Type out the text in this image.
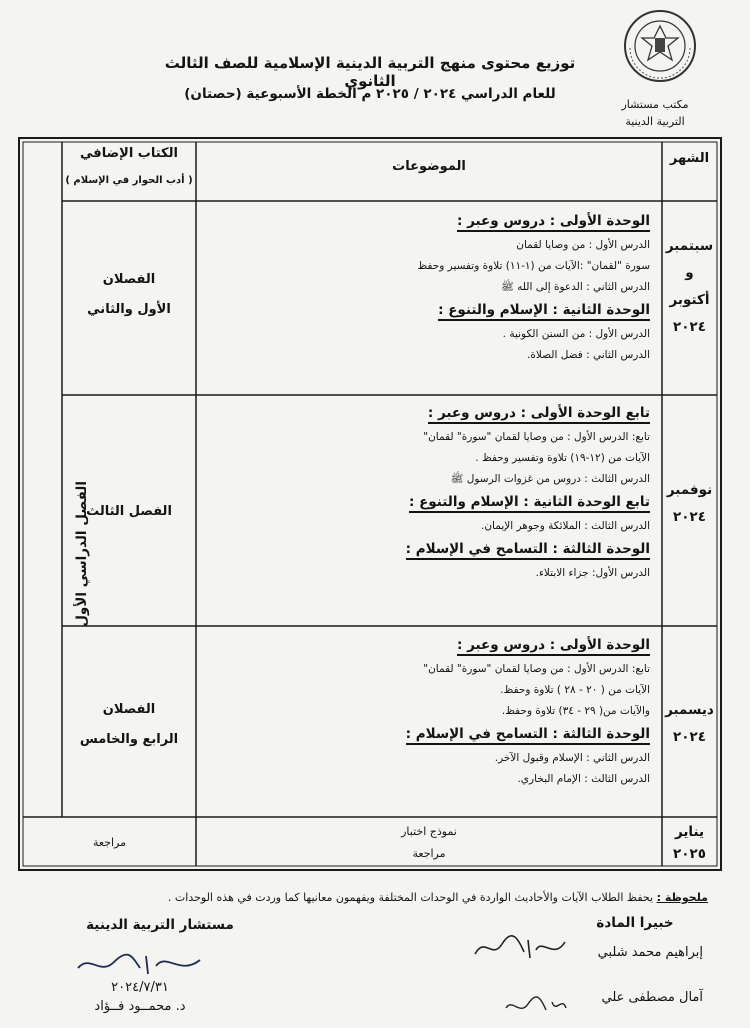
مكتب مستشار
التربية الدينية
توزيع محتوى منهج التربية الدينية الإسلامية للصف الثالث الثانوي
للعام الدراسي ٢٠٢٤ / ٢٠٢٥ م الخطة الأسبوعية (حصتان)
الشهر
الموضوعات
الكتاب الإضافي
( أدب الحوار في الإسلام )
الفصل الدراسي الأول
سبتمبر
و
أكتوبر
٢٠٢٤
الوحدة الأولى : دروس وعبر :
الدرس الأول : من وصايا لقمان
سورة "لقمان" :الآيات من (١-١١) تلاوة وتفسير وحفظ
الدرس الثاني : الدعوة إلى الله ﷺ
الوحدة الثانية : الإسلام والتنوع :
الدرس الأول : من السنن الكونية .
الدرس الثاني : فضل الصلاة.
الفصلان
الأول والثاني
نوفمبر
٢٠٢٤
تابع الوحدة الأولى : دروس وعبر :
تابع: الدرس الأول : من وصايا لقمان "سورة" لقمان"
الآيات من (١٢-١٩) تلاوة وتفسير وحفظ .
الدرس الثالث : دروس من غزوات الرسول ﷺ
تابع الوحدة الثانية : الإسلام والتنوع :
الدرس الثالث : الملائكة وجوهر الإيمان.
الوحدة الثالثة : التسامح في الإسلام :
الدرس الأول: جزاء الابتلاء.
الفصل الثالث
ديسمبر
٢٠٢٤
الوحدة الأولى : دروس وعبر :
تابع: الدرس الأول : من وصايا لقمان "سورة" لقمان"
الآيات من ( ٢٠ - ٢٨ ) تلاوة وحفظ.
والآيات من( ٢٩ - ٣٤) تلاوة وحفظ.
الوحدة الثالثة : التسامح في الإسلام :
الدرس الثاني : الإسلام وقبول الآخر.
الدرس الثالث : الإمام البخاري.
الفصلان
الرابع والخامس
يناير
٢٠٢٥
نموذج اختبار
مراجعة
مراجعة
ملحوظة : يحفظ الطلاب الآيات والأحاديث الواردة في الوحدات المختلفة ويفهمون معانيها كما وردت في هذه الوحدات .
خبيرا المادة
إبراهيم محمد شلبي
آمال مصطفى علي
مستشار التربية الدينية
٢٠٢٤/٧/٣١
د. محمــود فــؤاد
